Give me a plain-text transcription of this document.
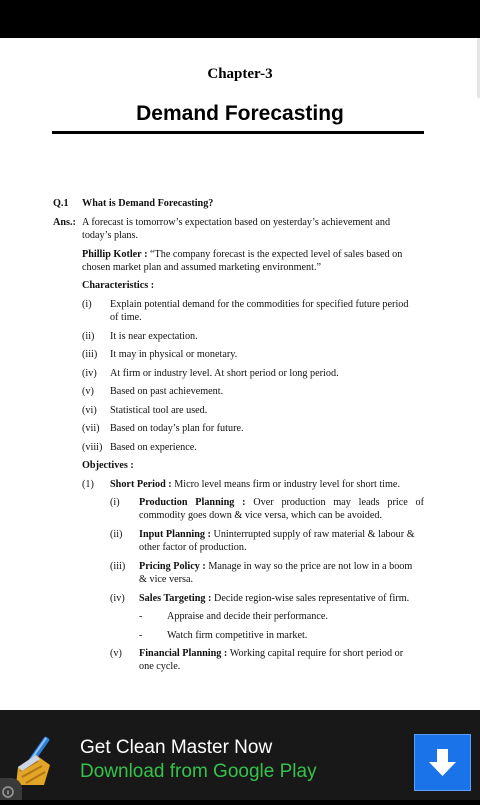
Chapter-3
Demand Forecasting
Q.1 What is Demand Forecasting?
Ans.: A forecast is tomorrow’s expectation based on yesterday’s achievement and
today’s plans.
Phillip Kotler : “The company forecast is the expected level of sales based on
chosen market plan and assumed marketing environment.”
Characteristics :
(i) Explain potential demand for the commodities for specified future period
of time.
(ii) It is near expectation.
(iii) It may in physical or monetary.
(iv) At firm or industry level. At short period or long period.
(v) Based on past achievement.
(vi) Statistical tool are used.
(vii) Based on today’s plan for future.
(viii) Based on experience.
Objectives :
(1) Short Period : Micro level means firm or industry level for short time.
(i) Production Planning : Over production may leads price of
commodity goes down & vice versa, which can be avoided.
(ii) Input Planning : Uninterrupted supply of raw material & labour &
other factor of production.
(iii) Pricing Policy : Manage in way so the price are not low in a boom
& vice versa.
(iv) Sales Targeting : Decide region-wise sales representative of firm.
- Appraise and decide their performance.
- Watch firm competitive in market.
(v) Financial Planning : Working capital require for short period or
one cycle.
Get Clean Master Now
Download from Google Play
